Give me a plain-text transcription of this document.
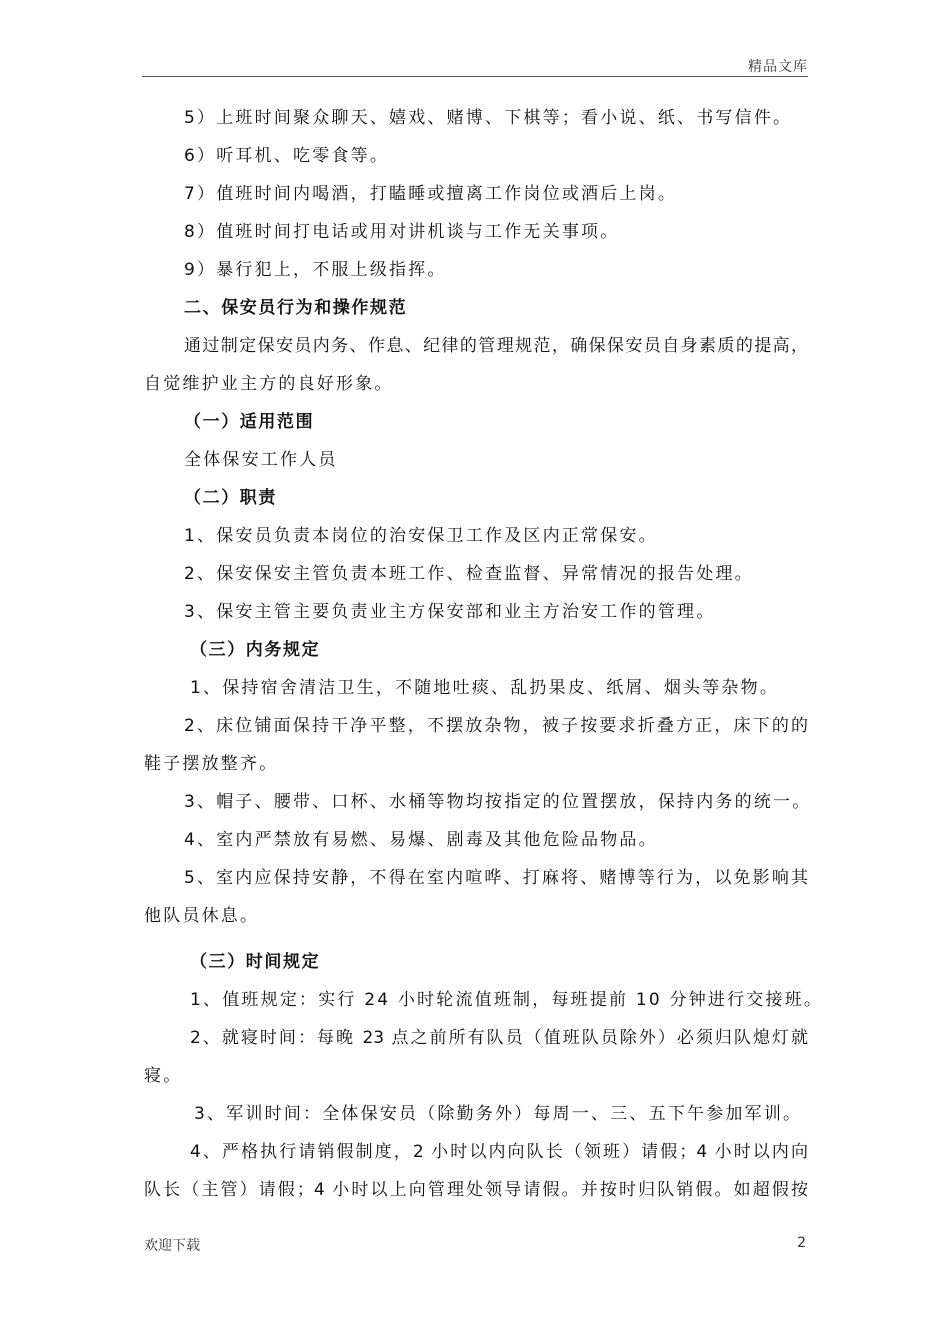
精品文库
5）上班时间聚众聊天、嬉戏、赌博、下棋等；看小说、纸、书写信件。
6）听耳机、吃零食等。
7）值班时间内喝酒，打瞌睡或擅离工作岗位或酒后上岗。
8）值班时间打电话或用对讲机谈与工作无关事项。
9）暴行犯上，不服上级指挥。
二、保安员行为和操作规范
通过制定保安员内务、作息、纪律的管理规范，确保保安员自身素质的提高，
自觉维护业主方的良好形象。
（一）适用范围
全体保安工作人员
（二）职责
1、保安员负责本岗位的治安保卫工作及区内正常保安。
2、保安保安主管负责本班工作、检查监督、异常情况的报告处理。
3、保安主管主要负责业主方保安部和业主方治安工作的管理。
（三）内务规定
1、保持宿舍清洁卫生，不随地吐痰、乱扔果皮、纸屑、烟头等杂物。
2、床位铺面保持干净平整，不摆放杂物，被子按要求折叠方正，床下的的
鞋子摆放整齐。
3、帽子、腰带、口杯、水桶等物均按指定的位置摆放，保持内务的统一。
4、室内严禁放有易燃、易爆、剧毒及其他危险品物品。
5、室内应保持安静，不得在室内喧哗、打麻将、赌博等行为，以免影响其
他队员休息。
（三）时间规定
1、值班规定：实行 24 小时轮流值班制，每班提前 10 分钟进行交接班。
2、就寝时间：每晚 23 点之前所有队员（值班队员除外）必须归队熄灯就
寝。
3、军训时间：全体保安员（除勤务外）每周一、三、五下午参加军训。
4、严格执行请销假制度，2 小时以内向队长（领班）请假；4 小时以内向
队长（主管）请假；4 小时以上向管理处领导请假。并按时归队销假。如超假按
欢迎下载	2
